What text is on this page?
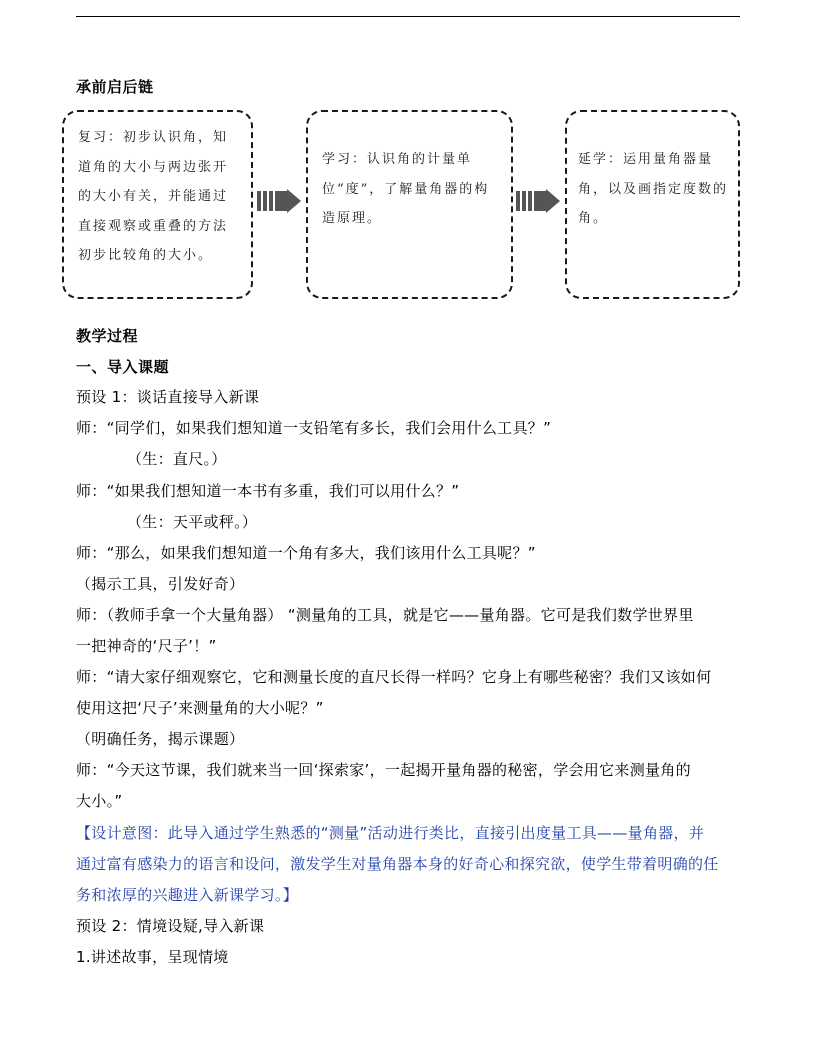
承前启后链
复习：初步认识角，知道角的大小与两边张开的大小有关，并能通过直接观察或重叠的方法初步比较角的大小。
学习：认识角的计量单位“度”，了解量角器的构造原理。
延学：运用量角器量角，以及画指定度数的角。
教学过程
一、导入课题
预设 1：谈话直接导入新课
师：“同学们，如果我们想知道一支铅笔有多长，我们会用什么工具？”
（生：直尺。）
师：“如果我们想知道一本书有多重，我们可以用什么？”
（生：天平或秤。）
师：“那么，如果我们想知道一个角有多大，我们该用什么工具呢？”
（揭示工具，引发好奇）
师：（教师手拿一个大量角器） “测量角的工具，就是它——量角器。它可是我们数学世界里
一把神奇的‘尺子’！”
师：“请大家仔细观察它，它和测量长度的直尺长得一样吗？它身上有哪些秘密？我们又该如何
使用这把‘尺子’来测量角的大小呢？”
（明确任务，揭示课题）
师：“今天这节课，我们就来当一回‘探索家’，一起揭开量角器的秘密，学会用它来测量角的
大小。”
【设计意图：此导入通过学生熟悉的“测量”活动进行类比，直接引出度量工具——量角器，并
通过富有感染力的语言和设问，激发学生对量角器本身的好奇心和探究欲，使学生带着明确的任
务和浓厚的兴趣进入新课学习。】
预设 2：情境设疑,导入新课
1.讲述故事，呈现情境
